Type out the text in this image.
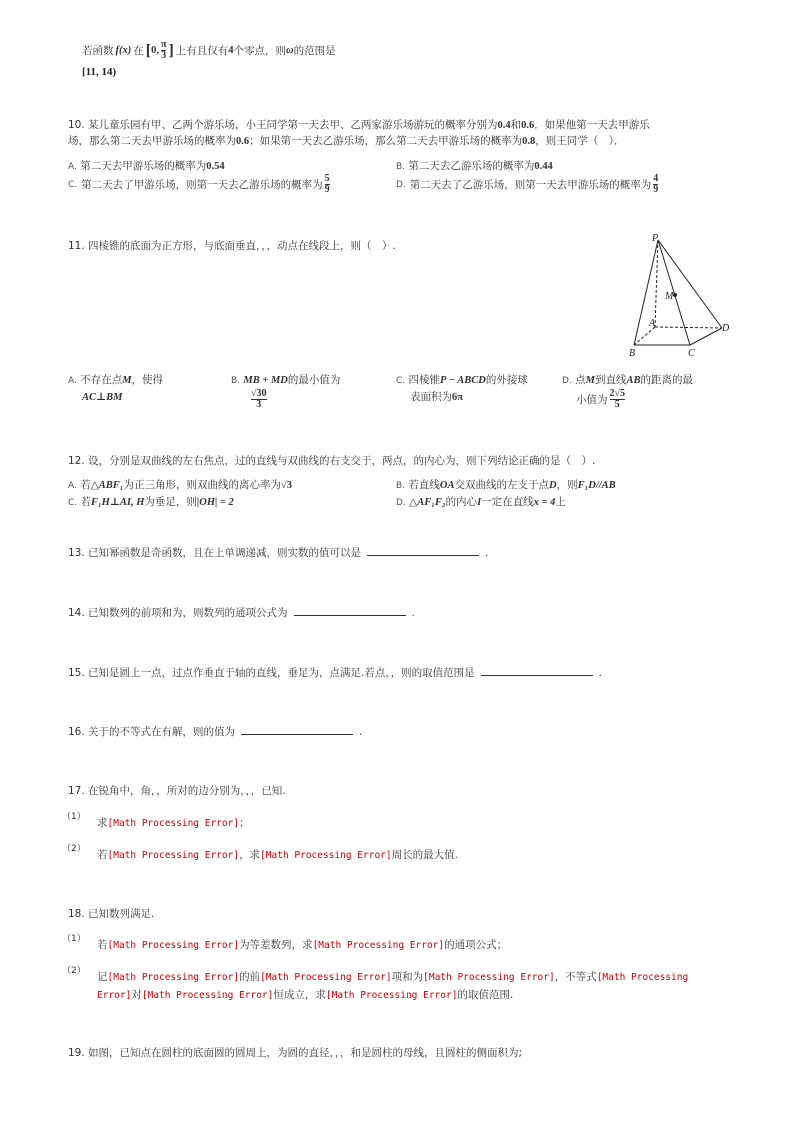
若函数 f(x) 在 [ 0, $\frac{\pi}{3}$ ] 上有且仅有 4 个零点，则 ω 的范围是
[11, 14)
10. 某儿童乐园有甲、乙两个游乐场，小王同学第一天去甲、乙两家游乐场游玩的概率分别为0.4和0.6．如果他第一天去甲游乐
场，那么第二天去甲游乐场的概率为0.6；如果第一天去乙游乐场，那么第二天去甲游乐场的概率为0.8，则王同学（　）．
A. 第二天去甲游乐场的概率为0.54	B. 第二天去乙游乐场的概率为0.44
C. 第二天去了甲游乐场，则第一天去乙游乐场的概率为 $\frac{5}{9}$	D. 第二天去了乙游乐场，则第一天去甲游乐场的概率为 $\frac{4}{9}$
11. 四棱锥的底面为正方形，与底面垂直，，，动点在线段上，则（　）.
P
M
A
B	C
D
A. 不存在点M，使得
AC⊥BM
B. MB + MD的最小值为

$\frac{√30}{3}$
C. 四棱锥P − ABCD的外接球
表面积为6π
D. 点M到直线AB的距离的最
小值为 $\frac{2√5}{5}$
12. 设，分别是双曲线的左右焦点，过的直线与双曲线的右支交于，两点，的内心为，则下列结论正确的是（　）.
A. 若△ABF₁为正三角形，则双曲线的离心率为√3	B. 若直线OA交双曲线的左支于点D，则F₁D//AB
C. 若F₁H⊥AI, H为垂足，则|OH| = 2	D. △AF₁F₂的内心I一定在直线x = 4上
13. 已知幂函数是奇函数，且在上单调递减，则实数的值可以是	.
14. 已知数列的前项和为，则数列的通项公式为	.
15. 已知是圆上一点，过点作垂直于轴的直线，垂足为，点满足.若点，，则的取值范围是	.
16. 关于的不等式在有解，则的值为	.
17. 在锐角中，角，，所对的边分别为，，，已知.
（1） 求[Math Processing Error]；
（2） 若[Math Processing Error]，求[Math Processing Error]周长的最大值.
18. 已知数列满足.
（1） 若[Math Processing Error]为等差数列，求[Math Processing Error]的通项公式；
（2） 记[Math Processing Error]的前[Math Processing Error]项和为[Math Processing Error]，不等式[Math Processing
Error]对[Math Processing Error]恒成立，求[Math Processing Error]的取值范围.
19. 如图，已知点在圆柱的底面圆的圆周上，为圆的直径，，，和是圆柱的母线，且圆柱的侧面积为;
